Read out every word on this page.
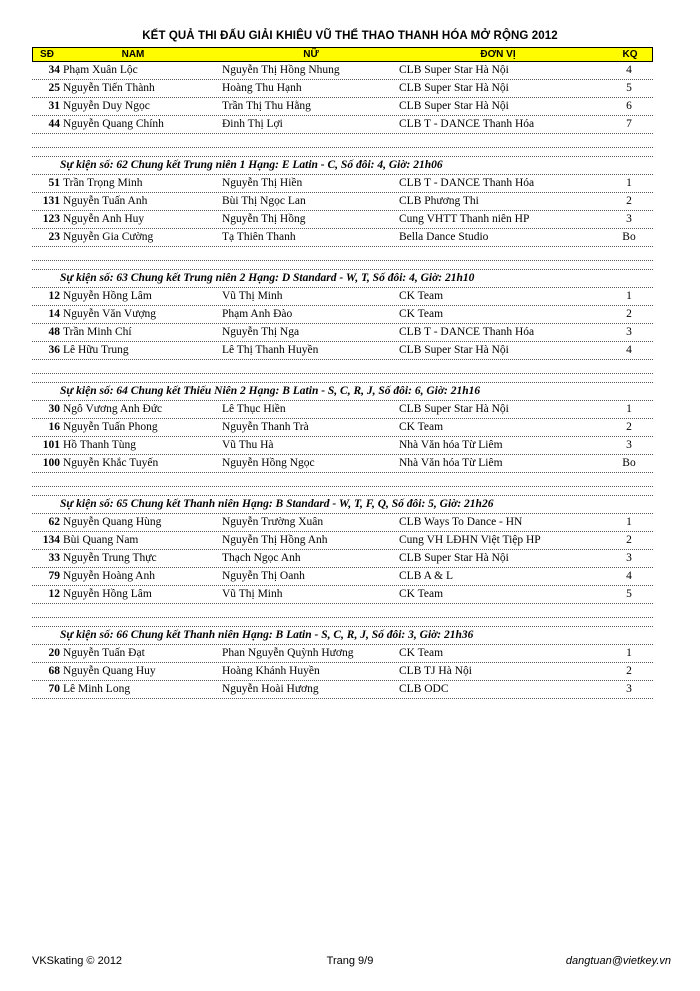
KẾT QUẢ THI ĐẤU GIẢI KHIÊU VŨ THỂ THAO THANH HÓA MỞ RỘNG 2012
SĐ	NAM	NỮ	ĐƠN VỊ	KQ
34 Phạm Xuân Lộc	Nguyễn Thị Hồng Nhung	CLB Super Star Hà Nội	4
25 Nguyễn Tiến Thành	Hoàng Thu Hạnh	CLB Super Star Hà Nội	5
31 Nguyễn Duy Ngọc	Trần Thị Thu Hằng	CLB Super Star Hà Nội	6
44 Nguyễn Quang Chính	Đinh Thị Lợi	CLB T - DANCE Thanh Hóa	7
Sự kiện số: 62 Chung kết Trung niên 1 Hạng: E Latin - C, Số đôi: 4, Giờ: 21h06
51 Trần Trọng Minh	Nguyễn Thị Hiền	CLB T - DANCE Thanh Hóa	1
131 Nguyễn Tuấn Anh	Bùi Thị Ngọc Lan	CLB Phương Thi	2
123 Nguyễn Anh Huy	Nguyễn Thị Hồng	Cung VHTT Thanh niên HP	3
23 Nguyễn Gia Cường	Tạ Thiên Thanh	Bella Dance Studio	Bo
Sự kiện số: 63 Chung kết Trung niên 2 Hạng: D Standard - W, T, Số đôi: 4, Giờ: 21h10
12 Nguyễn Hồng Lâm	Vũ Thị Minh	CK Team	1
14 Nguyễn Văn Vượng	Phạm Anh Đào	CK Team	2
48 Trần Minh Chí	Nguyễn Thị Nga	CLB T - DANCE Thanh Hóa	3
36 Lê Hữu Trung	Lê Thị Thanh Huyền	CLB Super Star Hà Nội	4
Sự kiện số: 64 Chung kết Thiếu Niên 2 Hạng: B Latin - S, C, R, J, Số đôi: 6, Giờ: 21h16
30 Ngô Vương Anh Đức	Lê Thục Hiền	CLB Super Star Hà Nội	1
16 Nguyễn Tuấn Phong	Nguyễn Thanh Trà	CK Team	2
101 Hồ Thanh Tùng	Vũ Thu Hà	Nhà Văn hóa Từ Liêm	3
100 Nguyễn Khắc Tuyến	Nguyễn Hồng Ngọc	Nhà Văn hóa Từ Liêm	Bo
Sự kiện số: 65 Chung kết Thanh niên Hạng: B Standard - W, T, F, Q, Số đôi: 5, Giờ: 21h26
62 Nguyễn Quang Hùng	Nguyễn Trường Xuân	CLB Ways To Dance - HN	1
134 Bùi Quang Nam	Nguyễn Thị Hồng Anh	Cung VH LĐHN Việt Tiệp HP	2
33 Nguyễn Trung Thực	Thạch Ngọc Anh	CLB Super Star Hà Nội	3
79 Nguyễn Hoàng Anh	Nguyễn Thị Oanh	CLB A & L	4
12 Nguyễn Hồng Lâm	Vũ Thị Minh	CK Team	5
Sự kiện số: 66 Chung kết Thanh niên Hạng: B Latin - S, C, R, J, Số đôi: 3, Giờ: 21h36
20 Nguyễn Tuấn Đạt	Phan Nguyễn Quỳnh Hương	CK Team	1
68 Nguyễn Quang Huy	Hoàng Khánh Huyền	CLB TJ Hà Nội	2
70 Lê Minh Long	Nguyễn Hoài Hương	CLB ODC	3
VKSkating © 2012	Trang 9/9	dangtuan@vietkey.vn
